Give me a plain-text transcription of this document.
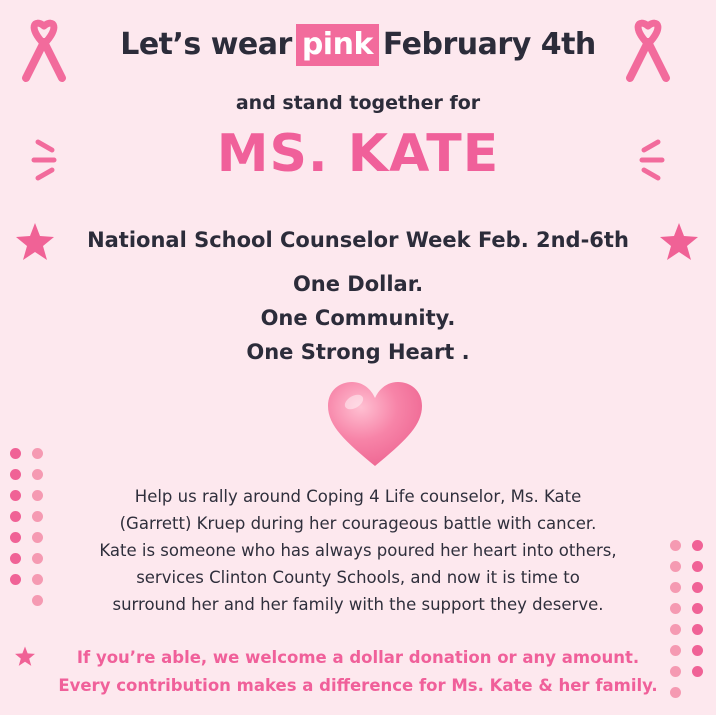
Let’s wear pink February 4th
and stand together for
MS. KATE
National School Counselor Week Feb. 2nd-6th
One Dollar.
One Community.
One Strong Heart .
Help us rally around Coping 4 Life counselor, Ms. Kate
(Garrett) Kruep during her courageous battle with cancer.
Kate is someone who has always poured her heart into others,
services Clinton County Schools, and now it is time to
surround her and her family with the support they deserve.
If you’re able, we welcome a dollar donation or any amount.
Every contribution makes a difference for Ms. Kate & her family.
